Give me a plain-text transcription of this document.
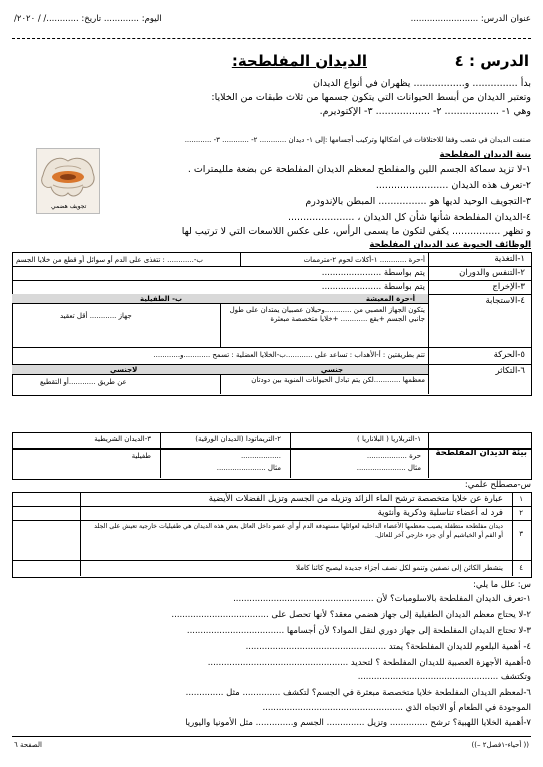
عنوان الدرس: .........................
اليوم: ............. تاريخ: ............/ / ٢٠٢٠/
الدرس : ٤
الديدان المفلطحة:
بدأ ............... و................. يظهران في أنواع الديدان
وتعتبر الديدان من أبسط الحيوانات التي يتكون جسمها من ثلاث طبقات من الخلايا:
وهي ١- .................. ٢- .................. ٣- الإكتوديرم.
صنفت الديدان في شعب وفقا للاختلافات في أشكالها وتركيب أجسامها :إلى ١- ديدان ............ ٢- ............ ٣- ............
بنية الديدان المفلطحة
تجويف هضمي
١-لا تزيد سماكة الجسم اللين والمفلطح لمعظم الديدان المفلطحة عن بضعة ملليمترات .
٢-تعرف هذه الديدان ........................
٣-التجويف الوحيد لديها هو ................ المبطن بالإندودرم
٤-الديدان المفلطحة شأنها شأن كل الديدان ، ......................
و تظهر ................ يكفي لتكون ما يسمى الرأس، على عكس اللاسعات التي لا ترتيب لها
الوظائف الحيوية عند الديدان المفلطحة
١-التغذية
٢-التنفس والدوران
٣-الإخراج
٤-الاستجابة
٥-الحركة
٦-التكاثر
أ-حرة ............ ١-أكلات لحوم ٢-مترممات
ب-............ : تتغذى على الدم أو سوائل أو قطع من خلايا الجسم
يتم بواسطة ......................
يتم بواسطة ......................
أ-حرة المعيشة
ب- الطفيلية
يتكون الجهاز العصبي من ............وحبلان عصبيان يمتدان على طول جانبي الجسم +بقع ............ +خلايا متخصصة مبعثرة
جهاز ............ أقل تعقيد
تتم بطريقتين : أ-الأهداب : تساعد على ............ب-الخلايا العضلية : تسمح ............و............
جنسي
لاجنسي
معظمها ............لكن يتم تبادل الحيوانات المنوية بين دودتان
عن طريق ............أو التقطيع
بيئة الديدان المفلطحة
١-التربلاريا ( البلاناريا )
٢-التريماتودا (الديدان الورقية)
٣-الديدان الشريطية
حرة ..................
مثال ......................
..................
مثال ......................
طفيلية
س-مصطلح علمي:
١
عبارة عن خلايا متخصصة ترشح الماء الزائد وتزيله من الجسم وتزيل الفضلات الأيضية
٢
فرد له أعضاء تناسلية وذكرية وأنثوية
٣
ديدان مفلطحة متطفلة يصيب معظمها الأعضاء الداخلية لعوائلها مستهدفة الدم أو أي عضو داخل العائل بعض هذه الديدان هي طفيليات خارجية تعيش على الجلد أو الفم أو الخياشيم أو أي جزء خارجي آخر للعائل.
٤
ينشطر الكائن إلى نصفين وتنمو لكل نصف أجزاء جديدة ليصبح كائنا كاملا
س: علل ما يلي:
١-تعرف الديدان المفلطحة بالاسلومبات؟ لأن ....................................................
٢-لا يحتاج معظم الديدان الطفيلية إلى جهاز هضمي معقد؟ لأنها تحصل على ....................................
٣-لا تحتاج الديدان المفلطحة إلى جهاز دوري لنقل المواد؟ لأن أجسامها ....................................
٤- أهمية البلعوم للديدان المفلطحة؟ يمتد ....................................................
٥-أهمية الأجهزة العصبية للديدان المفلطحة ؟ لتحديد ....................................................
وتكتشف ....................................................
٦-لمعظم الديدان المفلطحة خلايا متخصصة مبعثرة في الجسم؟ لتكشف .............. مثل ..............
الموجودة في الطعام أو الاتجاه الذي ....................................................
٧-أهمية الخلايا اللهبية؟ ترشح .............. وتزيل .............. الجسم و.............. مثل الأمونيا واليوريا
(( أحياء-١فصل٢ –))
الصفحة ٦
